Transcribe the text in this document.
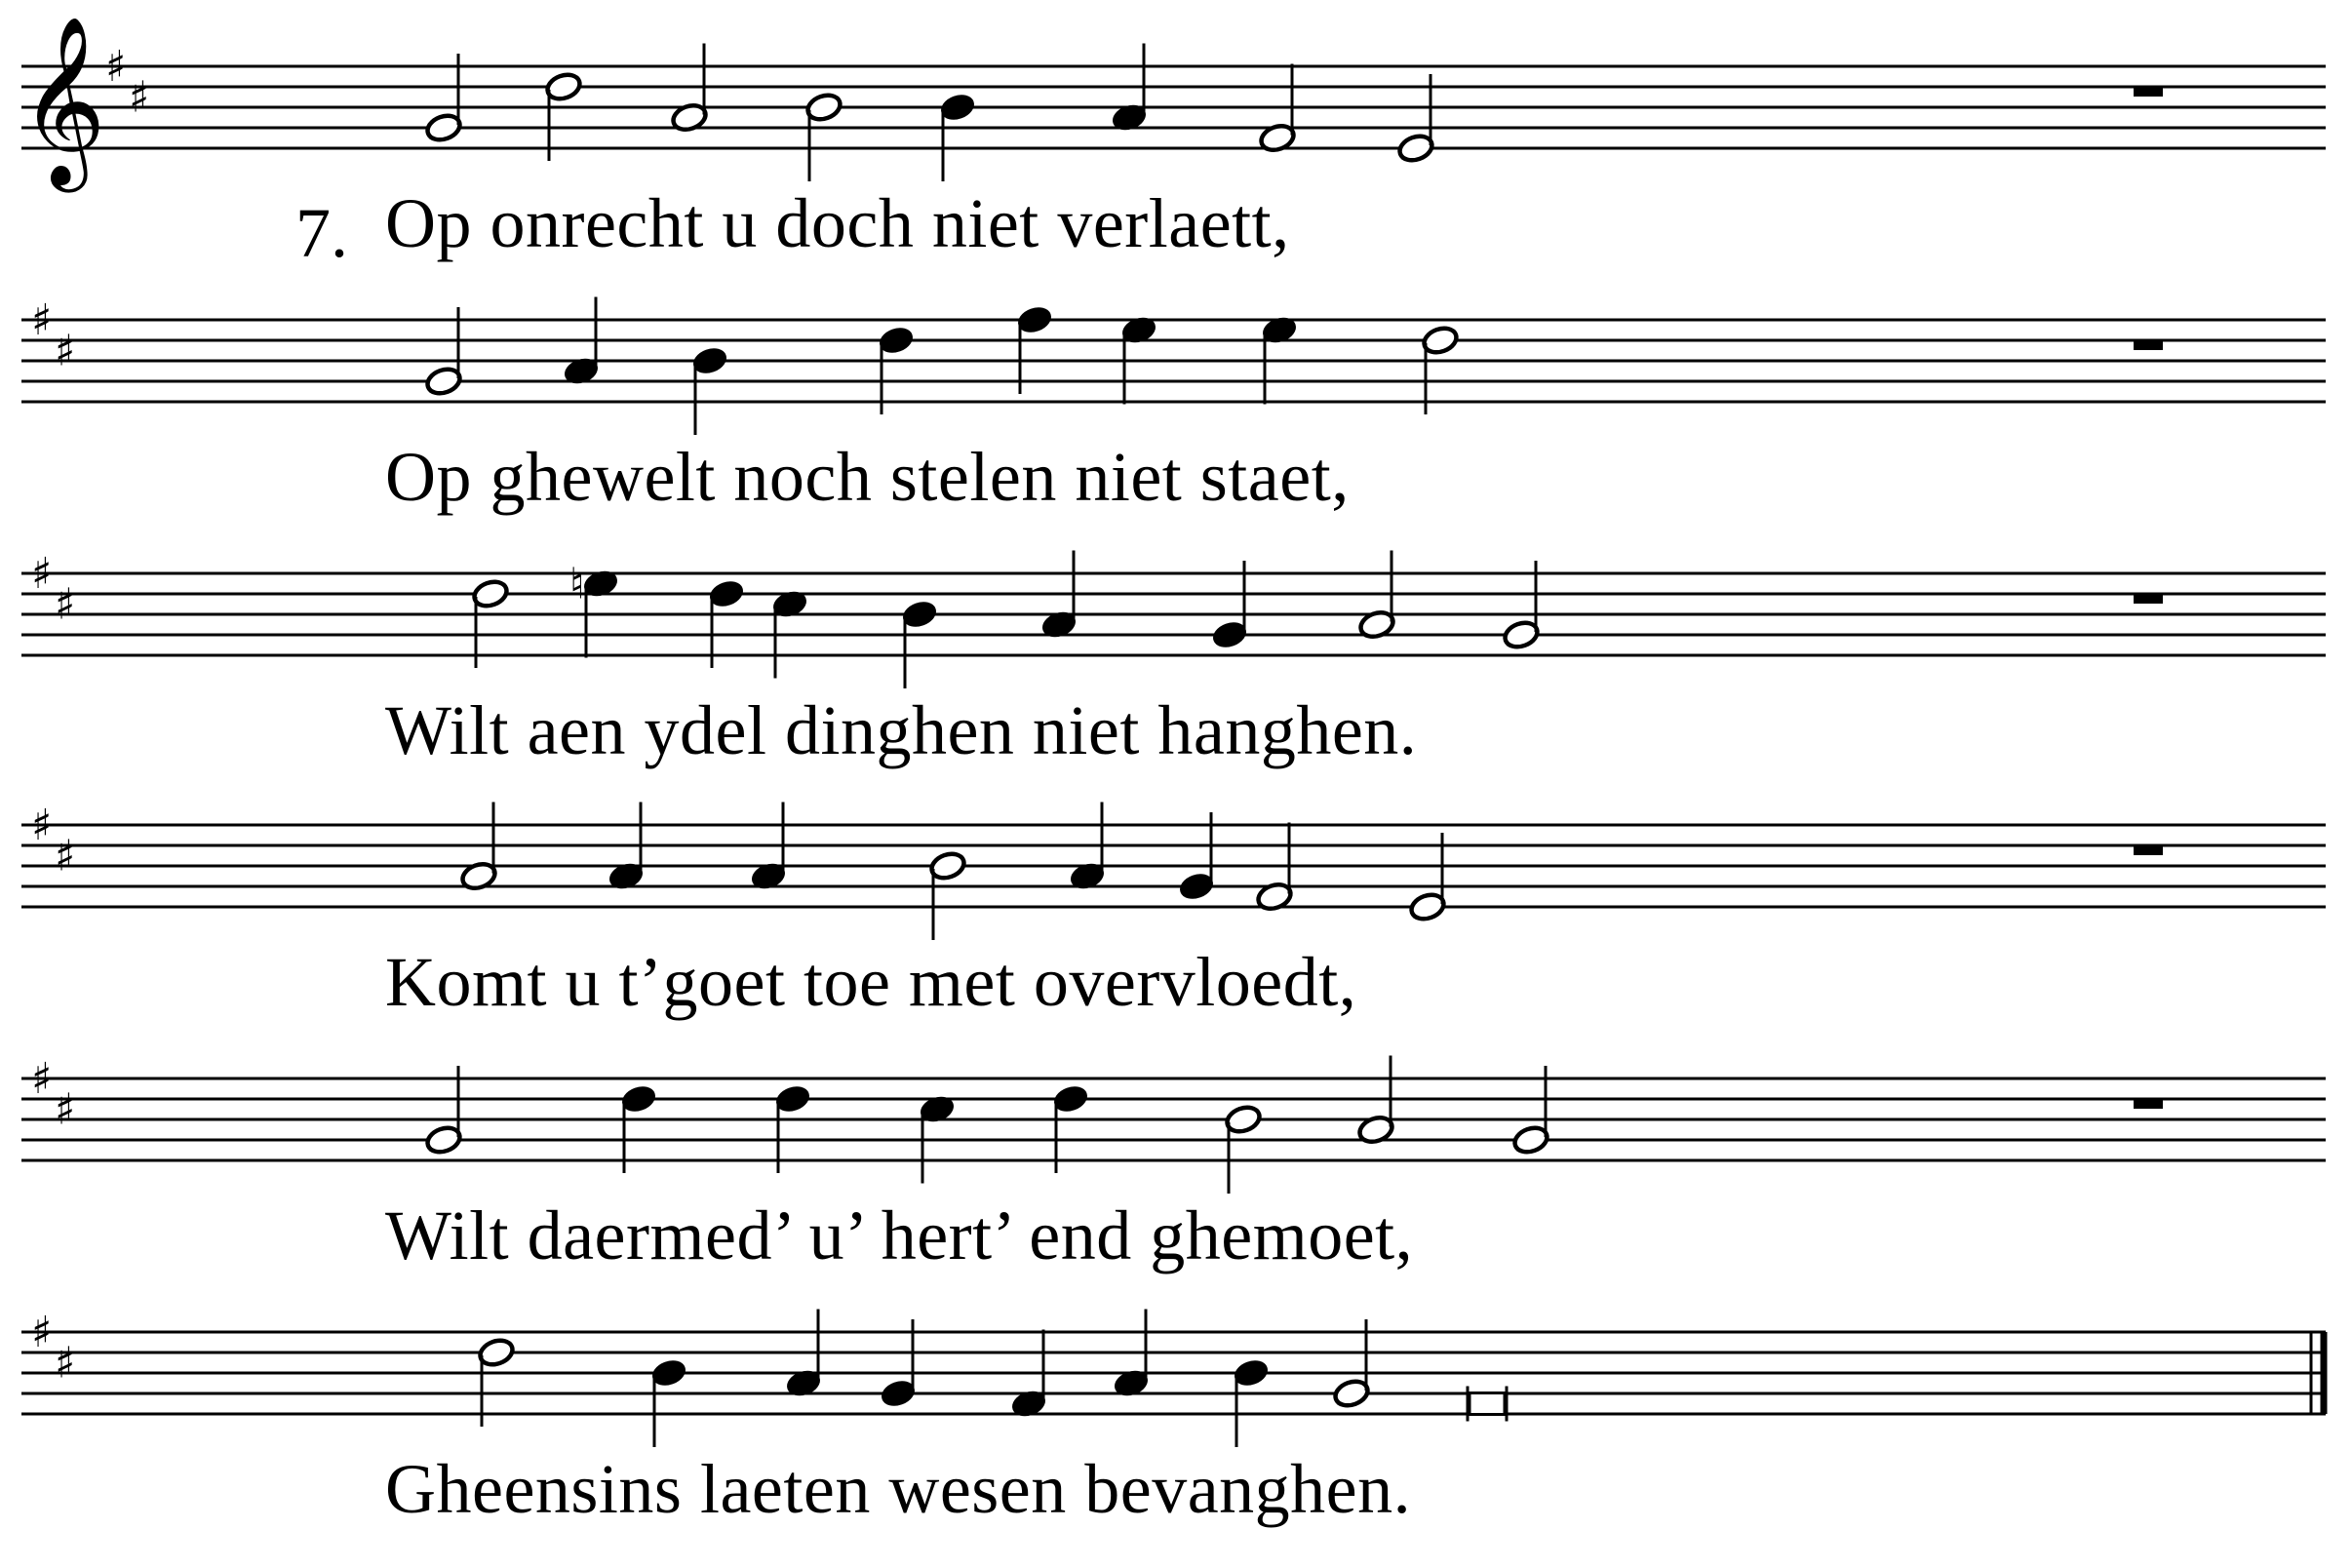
𝄞 ♯
♯
♯
♯
♯
♯	♮
♯
♯
♯
♯
♯
♯
7. Op onrecht u doch niet verlaett,
Op ghewelt noch stelen niet staet,
Wilt aen ydel dinghen niet hanghen.
Komt u t’goet toe met overvloedt,
Wilt daermed’ u’ hert’ end ghemoet,
Gheensins laeten wesen bevanghen.
